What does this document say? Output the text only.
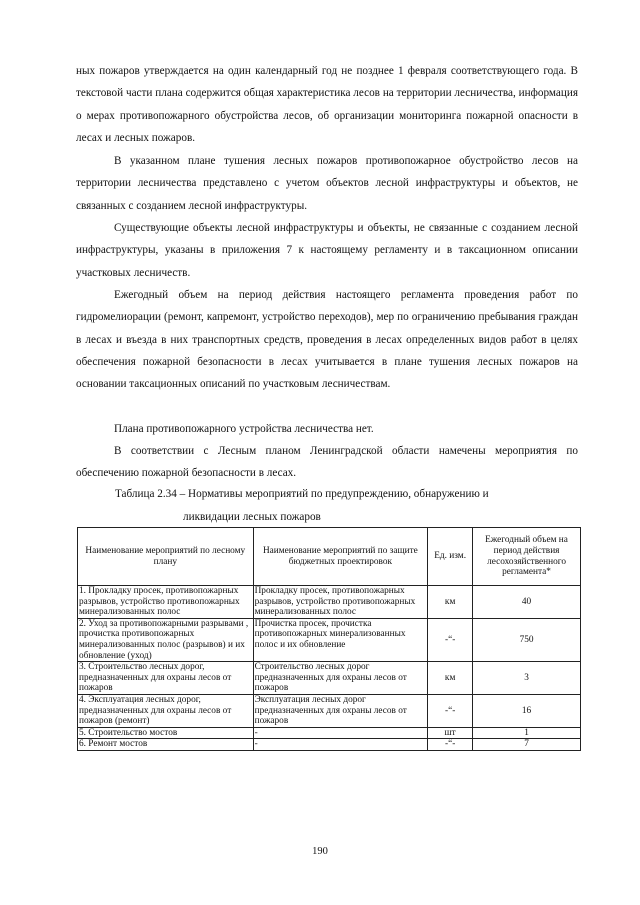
ных пожаров утверждается на один календарный год не позднее 1 февраля соответствующего года. В текстовой части плана содержится общая характеристика лесов на территории лесничества, информация о мерах противопожарного обустройства лесов, об организации мониторинга пожарной опасности в лесах и лесных пожаров.

В указанном плане тушения лесных пожаров противопожарное обустройство лесов на территории лесничества представлено с учетом объектов лесной инфраструктуры и объектов, не связанных с созданием лесной инфраструктуры.

Существующие объекты лесной инфраструктуры и объекты, не связанные с созданием лесной инфраструктуры, указаны в приложения 7 к настоящему регламенту и в таксационном описании участковых лесничеств.

Ежегодный объем на период действия настоящего регламента проведения работ по гидромелиорации (ремонт, капремонт, устройство переходов), мер по ограничению пребывания граждан в лесах и въезда в них транспортных средств, проведения в лесах определенных видов работ в целях обеспечения пожарной безопасности в лесах учитывается в плане тушения лесных пожаров на основании таксационных описаний по участковым лесничествам.

Плана противопожарного устройства лесничества нет.

В соответствии с Лесным планом Ленинградской области намечены мероприятия по обеспечению пожарной безопасности в лесах.

Таблица 2.34 – Нормативы мероприятий по предупреждению, обнаружению и

ликвидации лесных пожаров

Наименование мероприятий по лесному плану	Наименование мероприятий по защите бюджетных проектировок	Ед. изм.	Ежегодный объем на период действия лесохозяйственного регламента*
1. Прокладку просек, противопожарных разрывов, устройство противопожарных минерализованных полос	Прокладку просек, противопожарных разрывов, устройство противопожарных минерализованных полос	км	40
2. Уход за противопожарными разрывами , прочистка противопожарных минерализованных полос (разрывов) и их обновление (уход)	Прочистка просек, прочистка противопожарных минерализованных полос и их обновление	-“-	750
3. Строительство лесных дорог, предназначенных для охраны лесов от пожаров	Строительство лесных дорог предназначенных для охраны лесов от пожаров	км	3
4. Эксплуатация лесных дорог, предназначенных для охраны лесов от пожаров (ремонт)	Эксплуатация лесных дорог предназначенных для охраны лесов от пожаров	-“-	16
5. Строительство мостов	-	шт	1
6. Ремонт мостов	-	-“-	7
190
